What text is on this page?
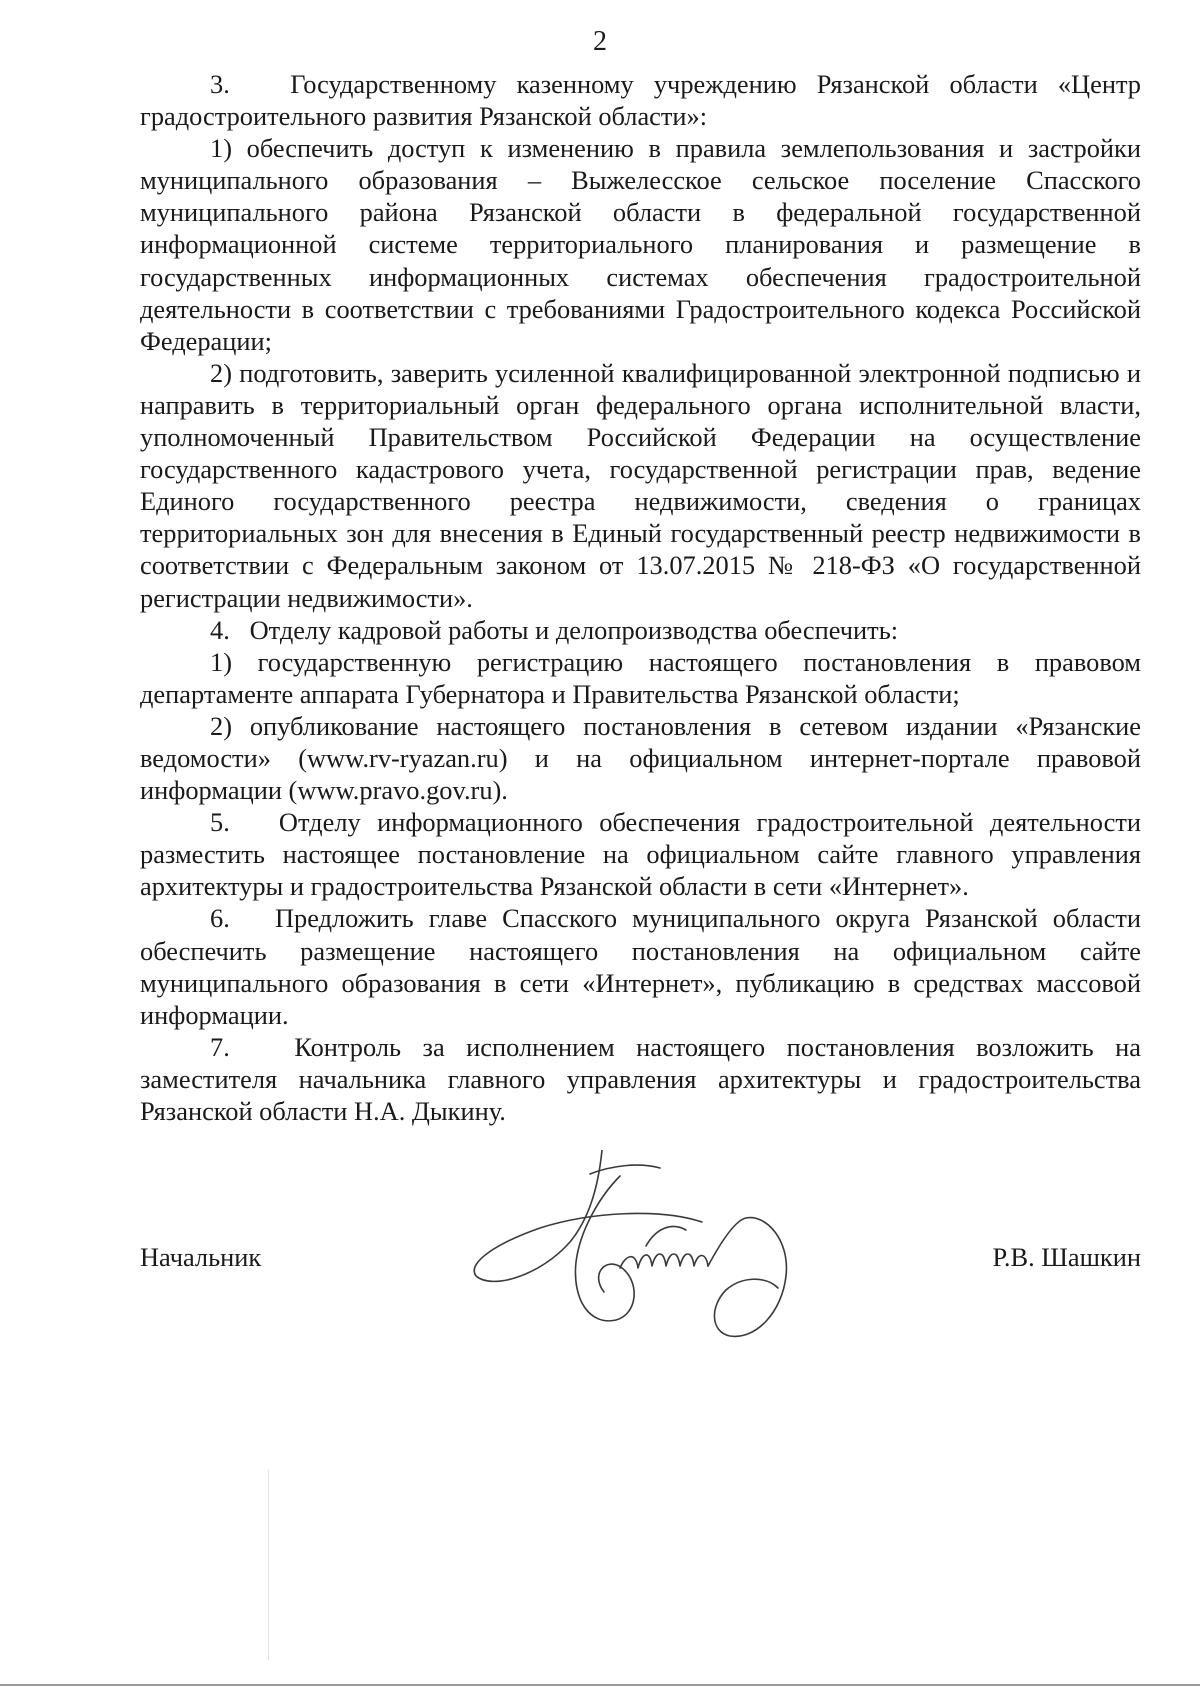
2

3.   Государственному казенному учреждению Рязанской области «Центр градостроительного развития Рязанской области»:

1) обеспечить доступ к изменению в правила землепользования и застройки муниципального образования – Выжелесское сельское поселение Спасского муниципального района Рязанской области в федеральной государственной информационной системе территориального планирования и размещение в государственных информационных системах обеспечения градостроительной деятельности в соответствии с требованиями Градостроительного кодекса Российской Федерации;

2) подготовить, заверить усиленной квалифицированной электронной подписью и направить в территориальный орган федерального органа исполнительной власти, уполномоченный Правительством Российской Федерации на осуществление государственного кадастрового учета, государственной регистрации прав, ведение Единого государственного реестра недвижимости, сведения о границах территориальных зон для внесения в Единый государственный реестр недвижимости в соответствии с Федеральным законом от 13.07.2015 № 218-ФЗ «О государственной регистрации недвижимости».

4.   Отделу кадровой работы и делопроизводства обеспечить:

1) государственную регистрацию настоящего постановления в правовом департаменте аппарата Губернатора и Правительства Рязанской области;

2) опубликование настоящего постановления в сетевом издании «Рязанские ведомости» (www.rv-ryazan.ru) и на официальном интернет-портале правовой информации (www.pravo.gov.ru).

5.   Отделу информационного обеспечения градостроительной деятельности разместить настоящее постановление на официальном сайте главного управления архитектуры и градостроительства Рязанской области в сети «Интернет».

6.   Предложить главе Спасского муниципального округа Рязанской области обеспечить размещение настоящего постановления на официальном сайте муниципального образования в сети «Интернет», публикацию в средствах массовой информации.

7.   Контроль за исполнением настоящего постановления возложить на заместителя начальника главного управления архитектуры и градостроительства Рязанской области Н.А. Дыкину.

Начальник	Р.В. Шашкин
